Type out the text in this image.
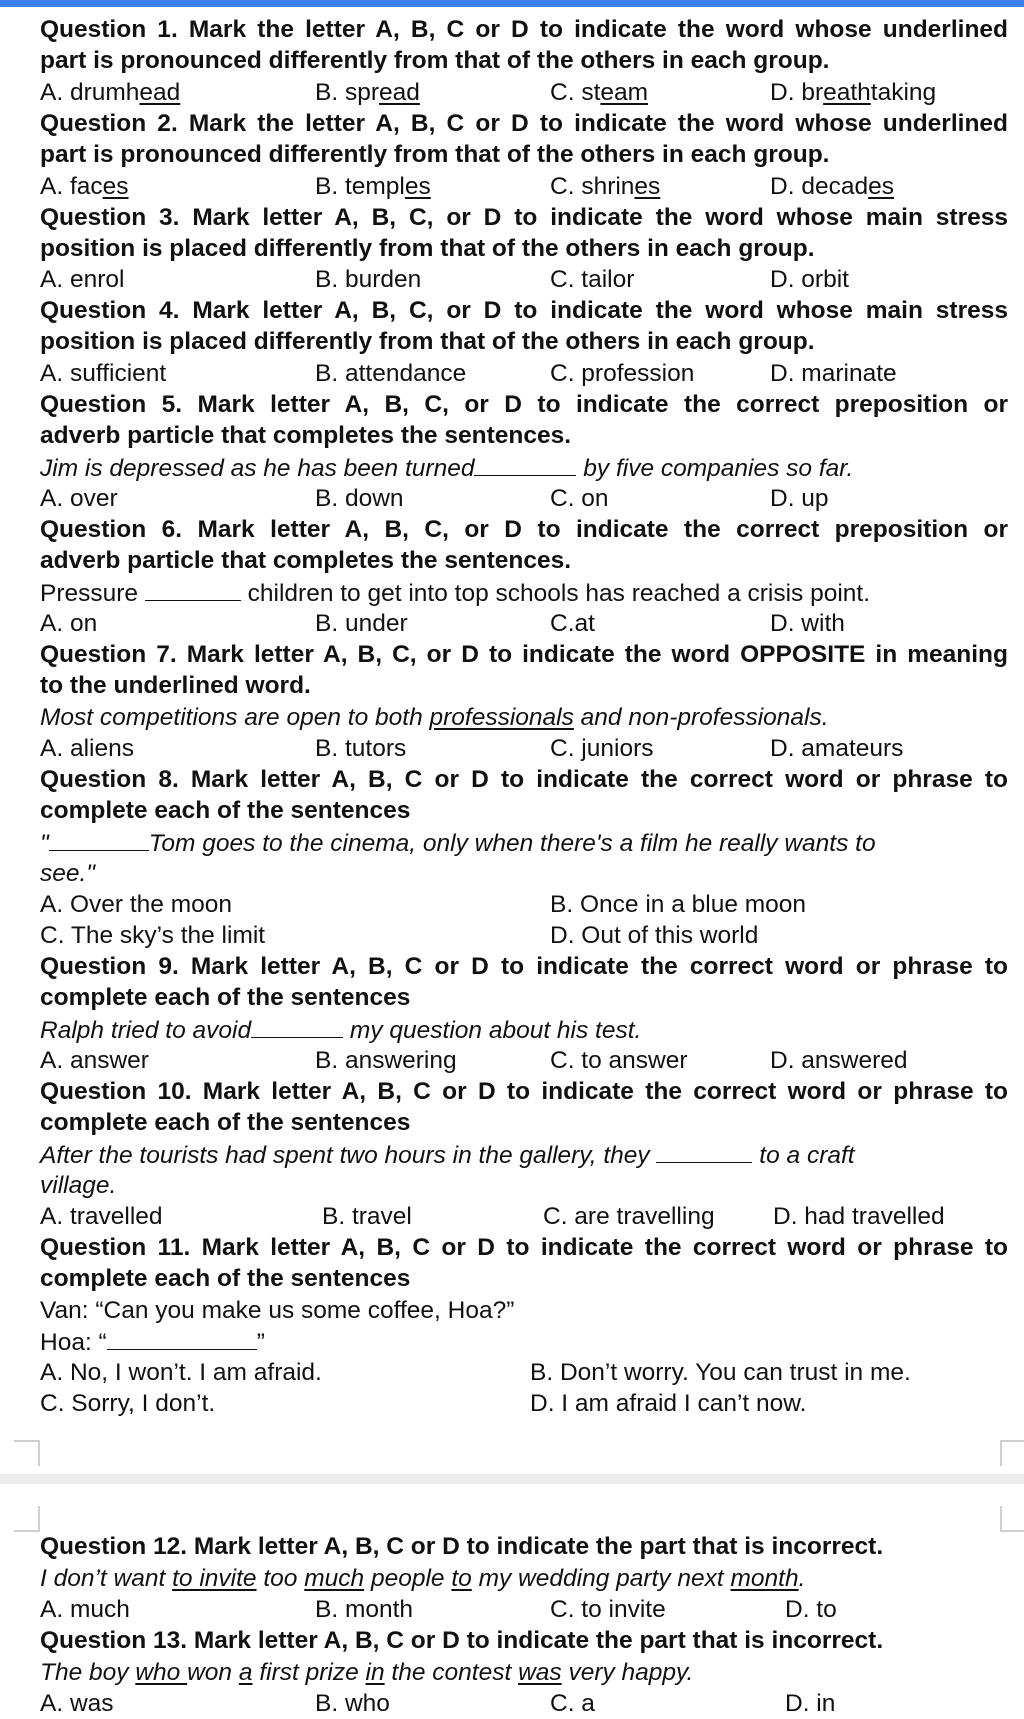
Question 1. Mark the letter A, B, C or D to indicate the word whose underlined
part is pronounced differently from that of the others in each group.
A. drumhead	B. spread	C. steam	D. breathtaking
Question 2. Mark the letter A, B, C or D to indicate the word whose underlined
part is pronounced differently from that of the others in each group.
A. faces	B. temples	C. shrines	D. decades
Question 3. Mark letter A, B, C, or D to indicate the word whose main stress
position is placed differently from that of the others in each group.
A. enrol	B. burden	C. tailor	D. orbit
Question 4. Mark letter A, B, C, or D to indicate the word whose main stress
position is placed differently from that of the others in each group.
A. sufficient	B. attendance	C. profession	D. marinate
Question 5. Mark letter A, B, C, or D to indicate the correct preposition or
adverb particle that completes the sentences.
Jim is depressed as he has been turned	by five companies so far.
A. over	B. down	C. on	D. up
Question 6. Mark letter A, B, C, or D to indicate the correct preposition or
adverb particle that completes the sentences.
Pressure	children to get into top schools has reached a crisis point.
A. on	B. under	C.at	D. with
Question 7. Mark letter A, B, C, or D to indicate the word OPPOSITE in meaning
to the underlined word.
Most competitions are open to both professionals and non-professionals.
A. aliens	B. tutors	C. juniors	D. amateurs
Question 8. Mark letter A, B, C or D to indicate the correct word or phrase to
complete each of the sentences
"	Tom goes to the cinema, only when there's a film he really wants to
see."
A. Over the moon	B. Once in a blue moon
C. The sky’s the limit	D. Out of this world
Question 9. Mark letter A, B, C or D to indicate the correct word or phrase to
complete each of the sentences
Ralph tried to avoid	my question about his test.
A. answer	B. answering	C. to answer	D. answered
Question 10. Mark letter A, B, C or D to indicate the correct word or phrase to
complete each of the sentences
After the tourists had spent two hours in the gallery, they	to a craft
village.
A. travelled	B. travel	C. are travelling D. had travelled
Question 11. Mark letter A, B, C or D to indicate the correct word or phrase to
complete each of the sentences
Van: “Can you make us some coffee, Hoa?”
Hoa: “	”
A. No, I won’t. I am afraid.	B. Don’t worry. You can trust in me.
C. Sorry, I don’t.	D. I am afraid I can’t now.
Question 12. Mark letter A, B, C or D to indicate the part that is incorrect.
I don’t want to invite too much people to my wedding party next month.
A. much	B. month	C. to invite	D. to
Question 13. Mark letter A, B, C or D to indicate the part that is incorrect.
The boy who won a first prize in the contest was very happy.
A. was	B. who	C. a	D. in
